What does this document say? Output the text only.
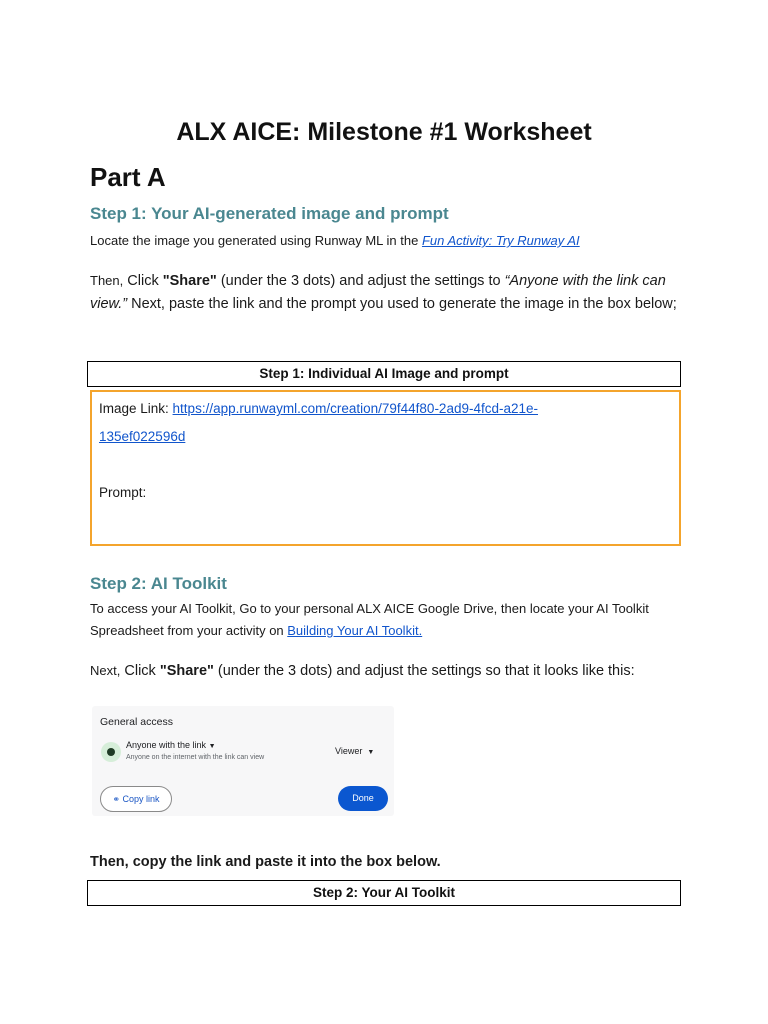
ALX AICE: Milestone #1 Worksheet
Part A
Step 1: Your AI-generated image and prompt
Locate the image you generated using Runway ML in the Fun Activity: Try Runway AI
Then, Click "Share" (under the 3 dots) and adjust the settings to “Anyone with the link can view.” Next, paste the link and the prompt you used to generate the image in the box below;
Step 1: Individual AI Image and prompt
Image Link: https://app.runwayml.com/creation/79f44f80-2ad9-4fcd-a21e-
135ef022596d
Prompt:
Step 2: AI Toolkit
To access your AI Toolkit, Go to your personal ALX AICE Google Drive, then locate your AI Toolkit Spreadsheet from your activity on Building Your AI Toolkit.
Next, Click "Share" (under the 3 dots) and adjust the settings so that it looks like this:
General access
Anyone with the link ▼
Anyone on the internet with the link can view
Viewer ▼
⚭ Copy link	Done
Then, copy the link and paste it into the box below.
Step 2: Your AI Toolkit
